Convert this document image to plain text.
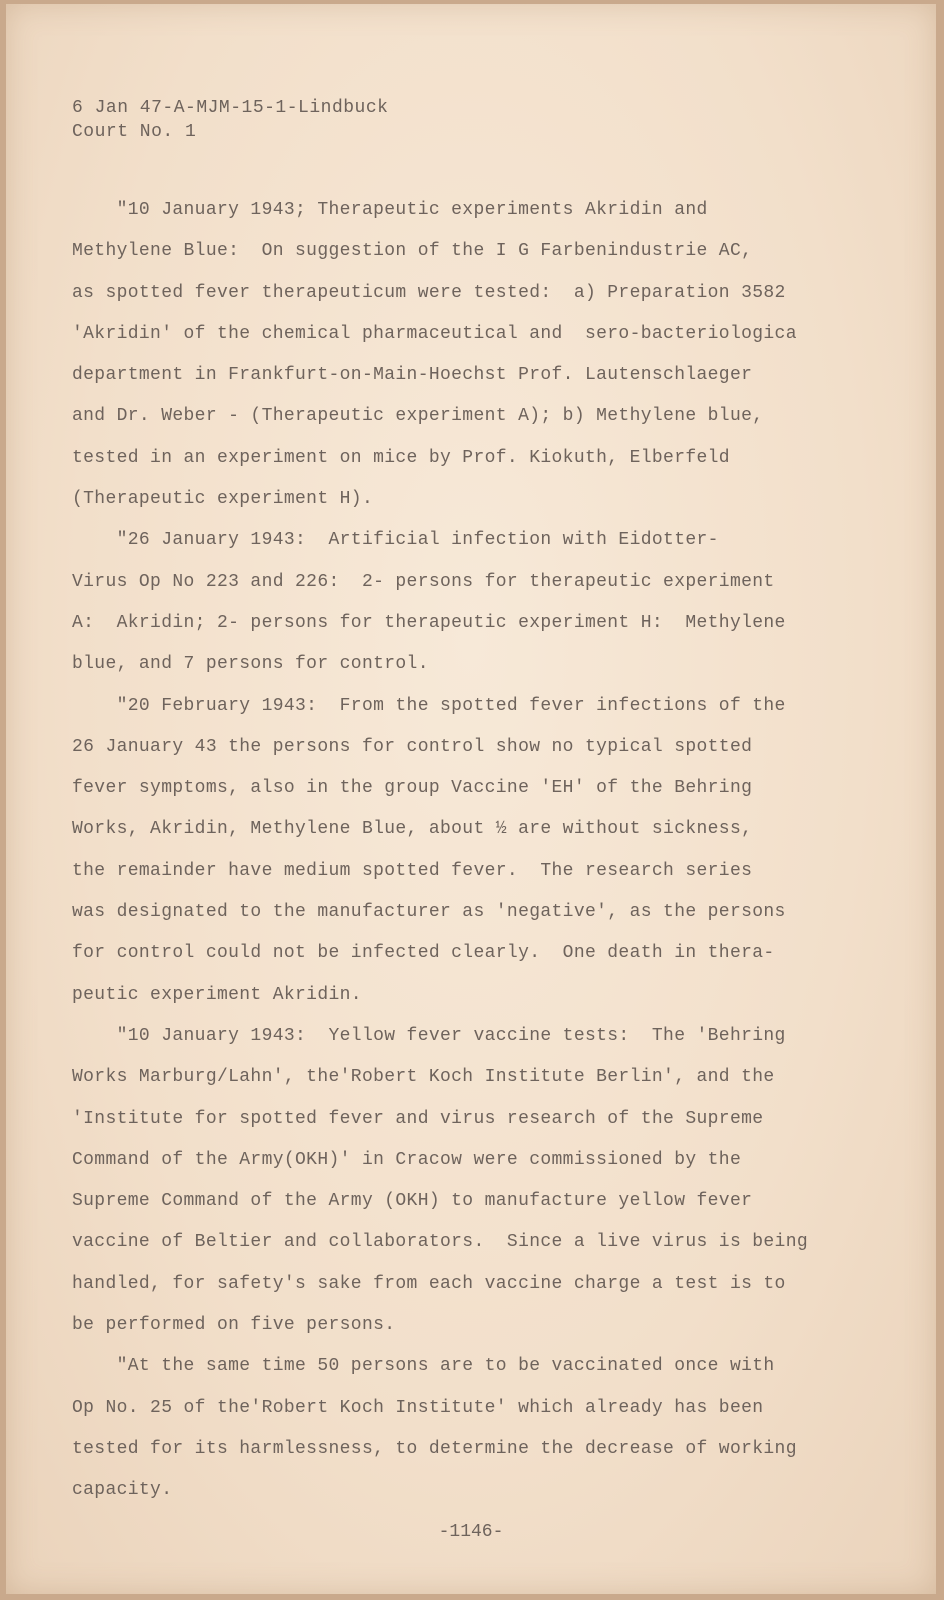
6 Jan 47-A-MJM-15-1-Lindbuck
Court No. 1
"10 January 1943; Therapeutic experiments Akridin and
Methylene Blue:  On suggestion of the I G Farbenindustrie AC,
as spotted fever therapeuticum were tested:  a) Preparation 3582
'Akridin' of the chemical pharmaceutical and  sero-bacteriologica
department in Frankfurt-on-Main-Hoechst Prof. Lautenschlaeger
and Dr. Weber - (Therapeutic experiment A); b) Methylene blue,
tested in an experiment on mice by Prof. Kiokuth, Elberfeld
(Therapeutic experiment H).
"26 January 1943:  Artificial infection with Eidotter-
Virus Op No 223 and 226:  2- persons for therapeutic experiment
A:  Akridin; 2- persons for therapeutic experiment H:  Methylene
blue, and 7 persons for control.
"20 February 1943:  From the spotted fever infections of the
26 January 43 the persons for control show no typical spotted
fever symptoms, also in the group Vaccine 'EH' of the Behring
Works, Akridin, Methylene Blue, about ½ are without sickness,
the remainder have medium spotted fever.  The research series
was designated to the manufacturer as 'negative', as the persons
for control could not be infected clearly.  One death in thera-
peutic experiment Akridin.
"10 January 1943:  Yellow fever vaccine tests:  The 'Behring
Works Marburg/Lahn', the'Robert Koch Institute Berlin', and the
'Institute for spotted fever and virus research of the Supreme
Command of the Army(OKH)' in Cracow were commissioned by the
Supreme Command of the Army (OKH) to manufacture yellow fever
vaccine of Beltier and collaborators.  Since a live virus is being
handled, for safety's sake from each vaccine charge a test is to
be performed on five persons.
"At the same time 50 persons are to be vaccinated once with
Op No. 25 of the'Robert Koch Institute' which already has been
tested for its harmlessness, to determine the decrease of working
capacity.
-1146-
